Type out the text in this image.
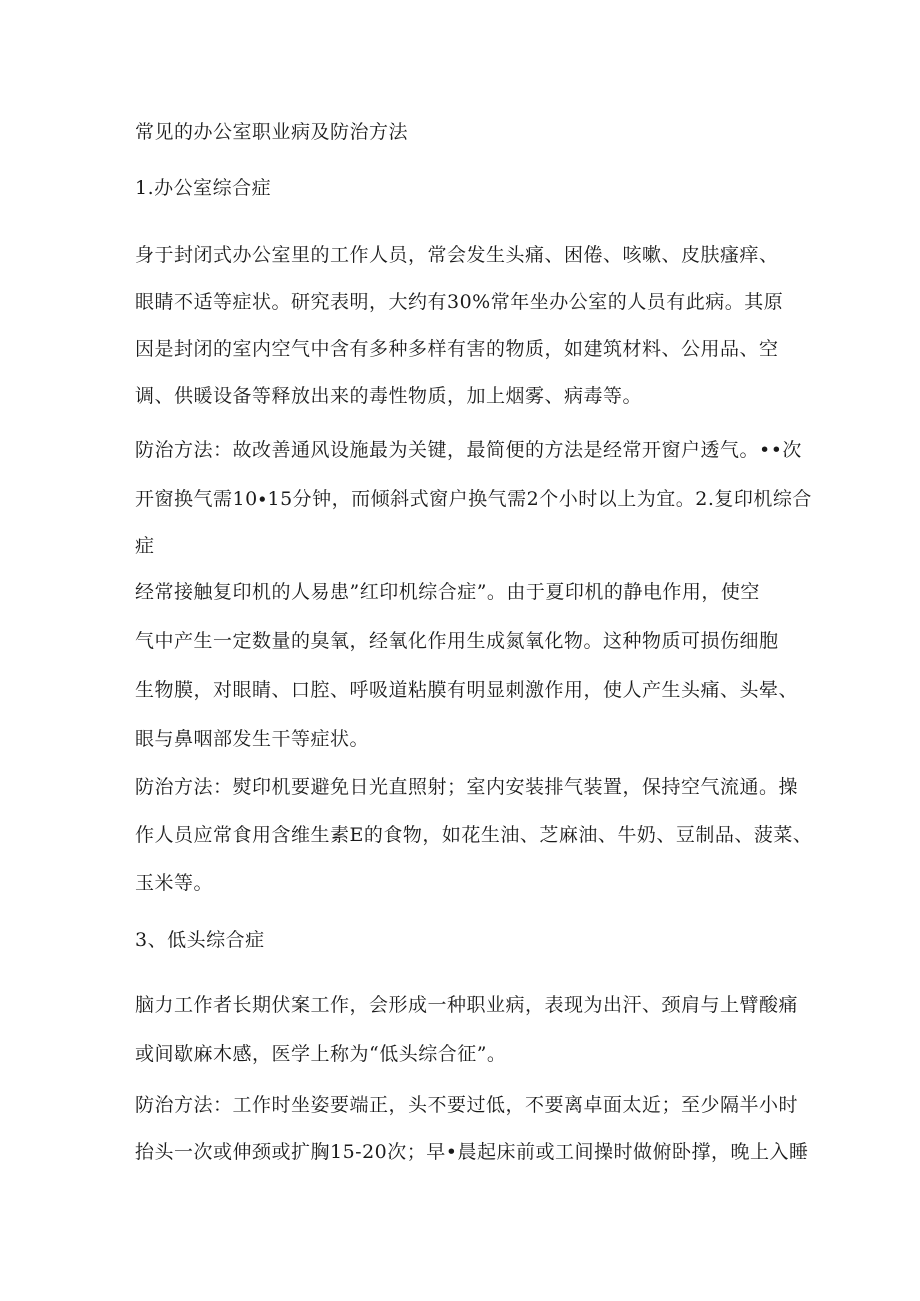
常见的办公室职业病及防治方法
1.办公室综合症
身于封闭式办公室里的工作人员，常会发生头痛、困倦、咳嗽、皮肤瘙痒、
眼睛不适等症状。研究表明，大约有30%常年坐办公室的人员有此病。其原
因是封闭的室内空气中含有多种多样有害的物质，如建筑材料、公用品、空
调、供暖设备等释放出来的毒性物质，加上烟雾、病毒等。
防治方法：故改善通风设施最为关键，最简便的方法是经常开窗户透气。••次
开窗换气需10∙15分钟，而倾斜式窗户换气需2个小时以上为宜。2.复印机综合
症
经常接触复印机的人易患”红印机综合症”。由于夏印机的静电作用，使空
气中产生一定数量的臭氧，经氧化作用生成氮氧化物。这种物质可损伤细胞
生物膜，对眼睛、口腔、呼吸道粘膜有明显刺激作用，使人产生头痛、头晕、
眼与鼻咽部发生干等症状。
防治方法：熨印机要避免日光直照射；室内安装排气装置，保持空气流通。操
作人员应常食用含维生素E的食物，如花生油、芝麻油、牛奶、豆制品、菠菜、
玉米等。
3、低头综合症
脑力工作者长期伏案工作，会形成一种职业病，表现为出汗、颈肩与上臂酸痛
或间歇麻木感，医学上称为“低头综合征”。
防治方法：工作时坐姿要端正，头不要过低，不要离卓面太近；至少隔半小时
抬头一次或伸颈或扩胸15-20次；早•晨起床前或工间操时做俯卧撑，晚上入睡
